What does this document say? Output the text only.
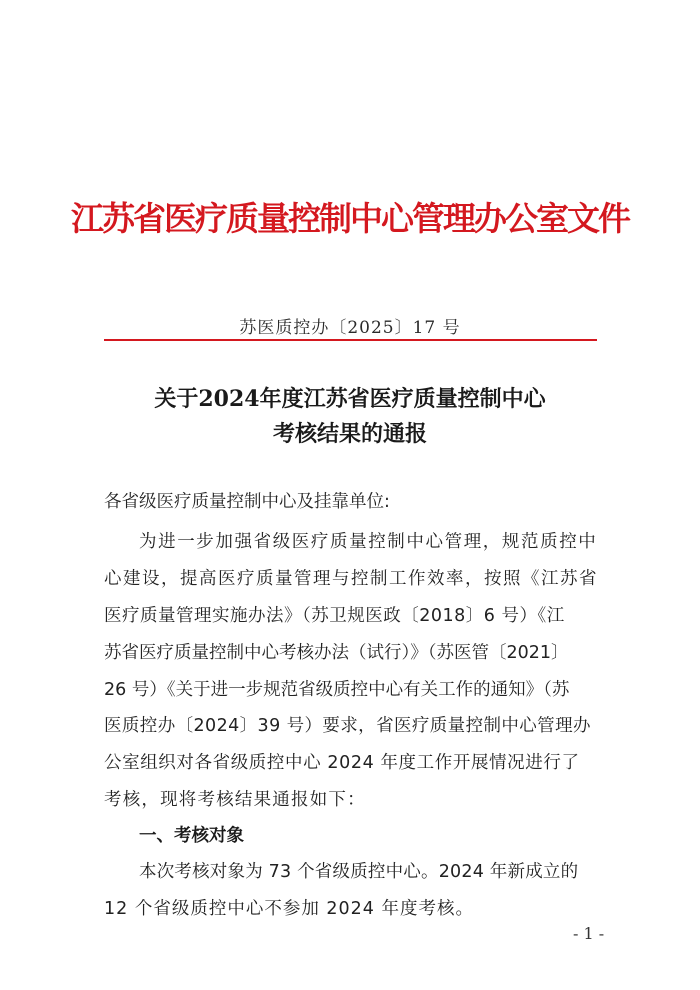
江苏省医疗质量控制中心管理办公室文件
苏医质控办〔2025〕17 号
关于2024年度江苏省医疗质量控制中心
考核结果的通报
各省级医疗质量控制中心及挂靠单位:
为进一步加强省级医疗质量控制中心管理，规范质控中
心建设，提高医疗质量管理与控制工作效率，按照《江苏省
医疗质量管理实施办法》（苏卫规医政〔2018〕6 号）《江
苏省医疗质量控制中心考核办法（试行）》（苏医管〔2021〕
26 号）《关于进一步规范省级质控中心有关工作的通知》（苏
医质控办〔2024〕39 号）要求，省医疗质量控制中心管理办
公室组织对各省级质控中心 2024 年度工作开展情况进行了
考核，现将考核结果通报如下：
一、考核对象
本次考核对象为 73 个省级质控中心。2024 年新成立的
12 个省级质控中心不参加 2024 年度考核。
- 1 -
